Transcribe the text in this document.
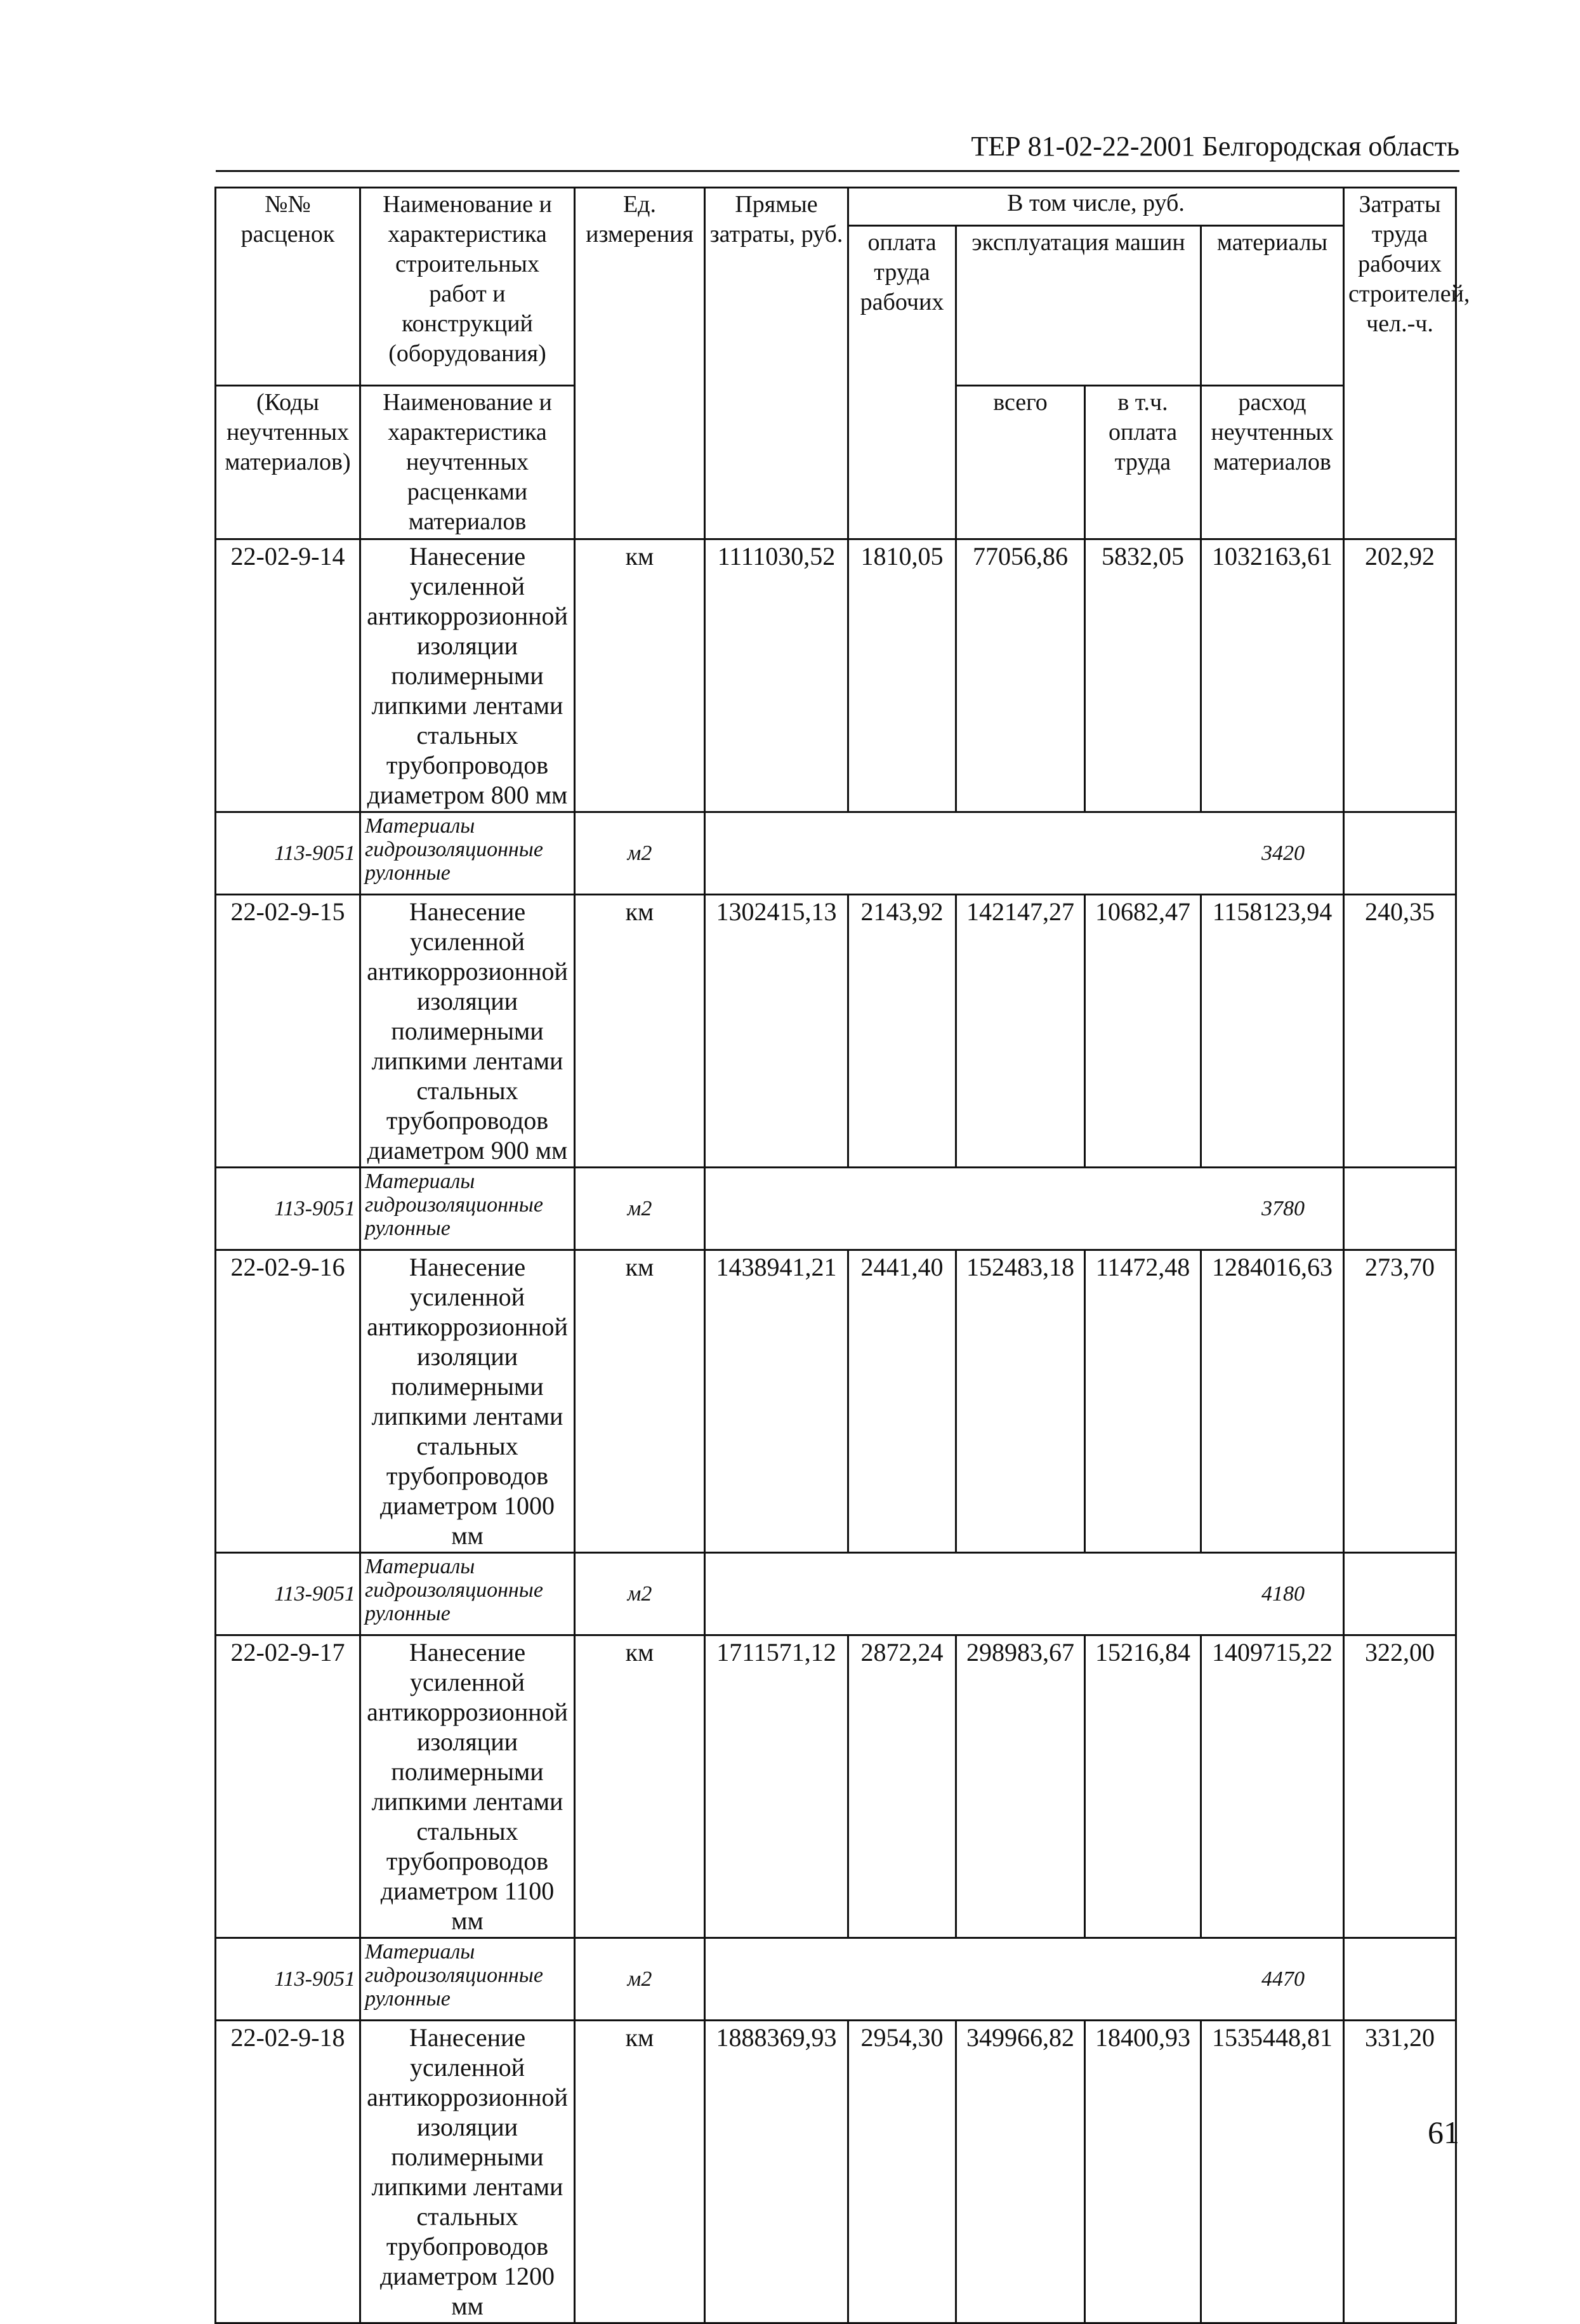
ТЕР 81-02-22-2001 Белгородская область
№№ расценок	Наименование и характеристика строительных работ и конструкций (оборудования)	Ед. измерения	Прямые затраты, руб.	В том числе, руб.				Затраты труда рабочих строителей, чел.-ч.
				оплата труда рабочих	эксплуатация машин		материалы	
(Коды неучтенных материалов)	Наименование и характеристика неучтенных расценками материалов				всего	в т.ч. оплата труда	расход неучтенных материалов	

22-02-9-14	Нанесение усиленной антикоррозионной изоляции полимерными липкими лентами стальных трубопроводов диаметром 800 мм	км	1111030,52	1810,05	77056,86	5832,05	1032163,61	202,92
113-9051	Материалы гидроизоляционные рулонные	м2	3420					
22-02-9-15	Нанесение усиленной антикоррозионной изоляции полимерными липкими лентами стальных трубопроводов диаметром 900 мм	км	1302415,13	2143,92	142147,27	10682,47	1158123,94	240,35
113-9051	Материалы гидроизоляционные рулонные	м2	3780					
22-02-9-16	Нанесение усиленной антикоррозионной изоляции полимерными липкими лентами стальных трубопроводов диаметром 1000 мм	км	1438941,21	2441,40	152483,18	11472,48	1284016,63	273,70
113-9051	Материалы гидроизоляционные рулонные	м2	4180					
22-02-9-17	Нанесение усиленной антикоррозионной изоляции полимерными липкими лентами стальных трубопроводов диаметром 1100 мм	км	1711571,12	2872,24	298983,67	15216,84	1409715,22	322,00
113-9051	Материалы гидроизоляционные рулонные	м2	4470					
22-02-9-18	Нанесение усиленной антикоррозионной изоляции полимерными липкими лентами стальных трубопроводов диаметром 1200 мм	км	1888369,93	2954,30	349966,82	18400,93	1535448,81	331,20
61
